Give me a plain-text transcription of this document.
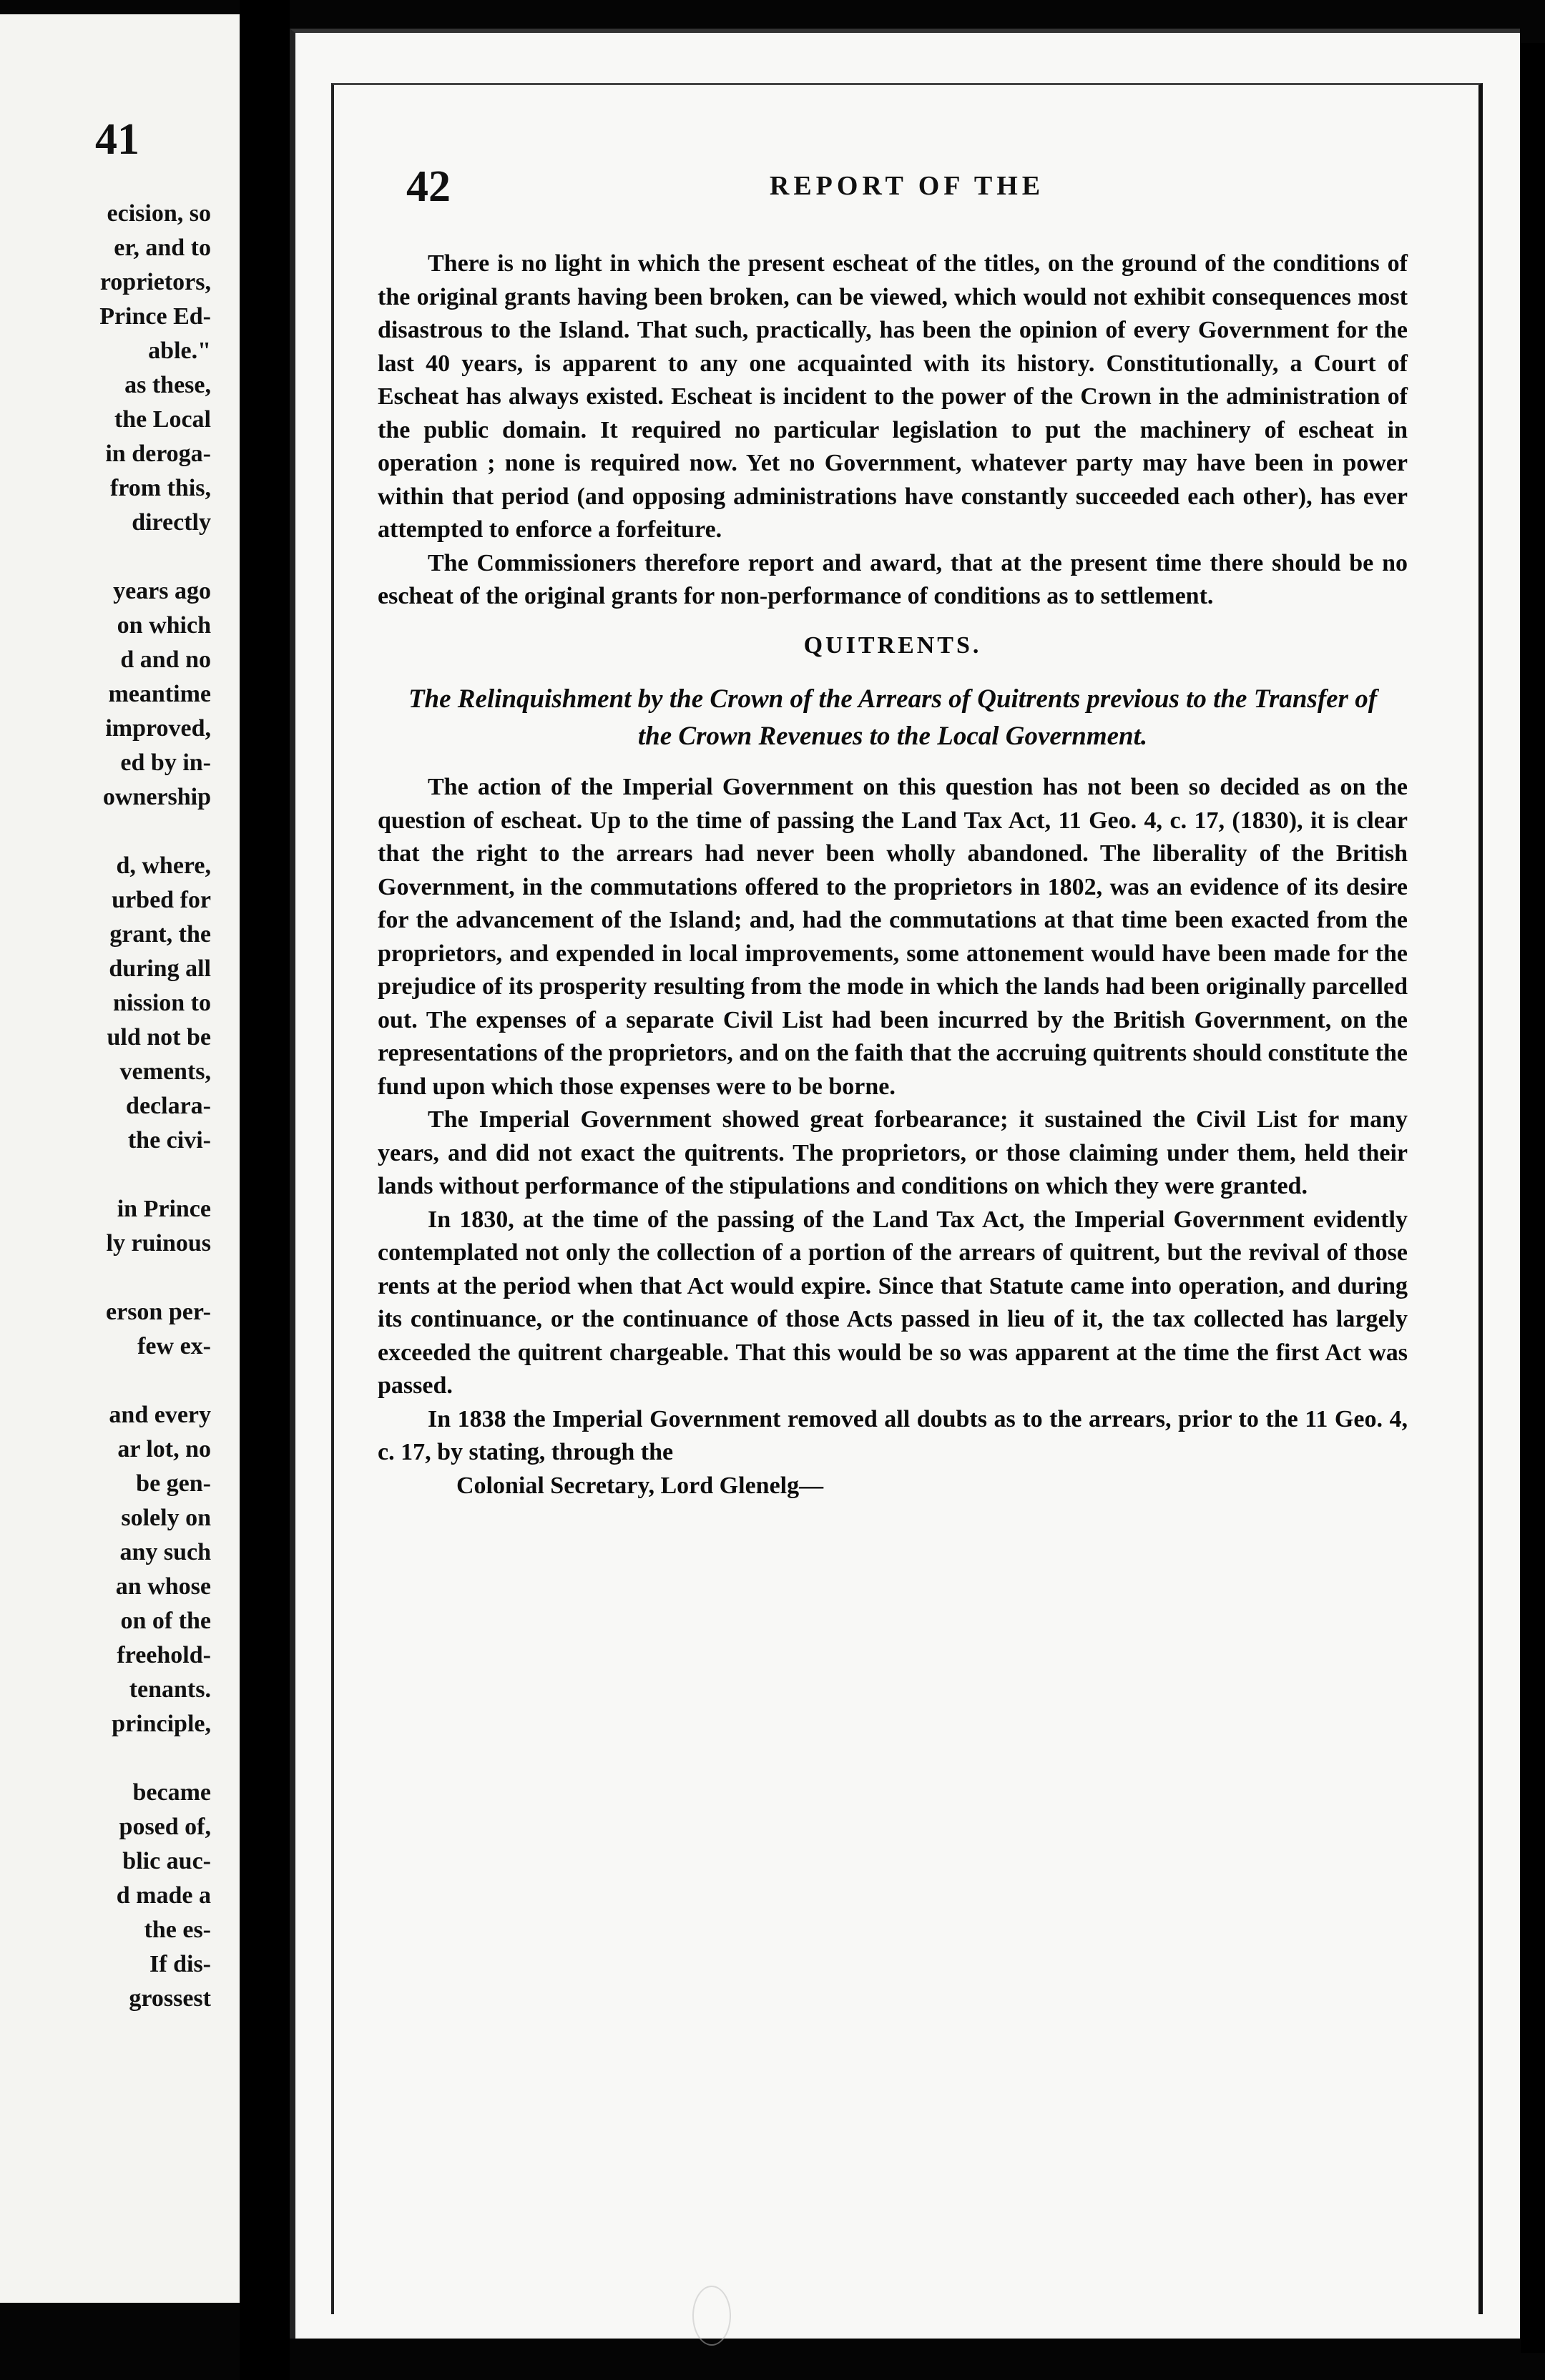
41
ecision, so
er, and to
roprietors,
Prince Ed-
able."
as these,
the Local
in deroga-
from this,
directly
years ago
on which
d and no
meantime
improved,
ed by in-
ownership
d, where,
urbed for
grant, the
during all
nission to
uld not be
vements,
declara-
the civi-
in Prince
ly ruinous
erson per-
few ex-
and every
ar lot, no
be gen-
solely on
any such
an whose
on of the
freehold-
tenants.
principle,
became
posed of,
blic auc-
d made a
the es-
If dis-
grossest
42	REPORT OF THE

There is no light in which the present escheat of the titles, on the ground of the conditions of the original grants having been broken, can be viewed, which would not exhibit consequences most disastrous to the Island. That such, practically, has been the opinion of every Government for the last 40 years, is apparent to any one acquainted with its history. Constitutionally, a Court of Escheat has always existed. Escheat is incident to the power of the Crown in the administration of the public domain. It required no particular legislation to put the machinery of escheat in operation ; none is required now. Yet no Government, whatever party may have been in power within that period (and opposing administrations have constantly succeeded each other), has ever attempted to enforce a forfeiture.

The Commissioners therefore report and award, that at the present time there should be no escheat of the original grants for non-performance of conditions as to settlement.

QUITRENTS.
The Relinquishment by the Crown of the Arrears of Quitrents previous to the Transfer of the Crown Revenues to the Local Government.

The action of the Imperial Government on this question has not been so decided as on the question of escheat. Up to the time of passing the Land Tax Act, 11 Geo. 4, c. 17, (1830), it is clear that the right to the arrears had never been wholly abandoned. The liberality of the British Government, in the commutations offered to the proprietors in 1802, was an evidence of its desire for the advancement of the Island; and, had the commutations at that time been exacted from the proprietors, and expended in local improvements, some attonement would have been made for the prejudice of its prosperity resulting from the mode in which the lands had been originally parcelled out. The expenses of a separate Civil List had been incurred by the British Government, on the representations of the proprietors, and on the faith that the accruing quitrents should constitute the fund upon which those expenses were to be borne.

The Imperial Government showed great forbearance; it sustained the Civil List for many years, and did not exact the quitrents. The proprietors, or those claiming under them, held their lands without performance of the stipulations and conditions on which they were granted.

In 1830, at the time of the passing of the Land Tax Act, the Imperial Government evidently contemplated not only the collection of a portion of the arrears of quitrent, but the revival of those rents at the period when that Act would expire. Since that Statute came into operation, and during its continuance, or the continuance of those Acts passed in lieu of it, the tax collected has largely exceeded the quitrent chargeable. That this would be so was apparent at the time the first Act was passed.

In 1838 the Imperial Government removed all doubts as to the arrears, prior to the 11 Geo. 4, c. 17, by stating, through the

Colonial Secretary, Lord Glenelg—
